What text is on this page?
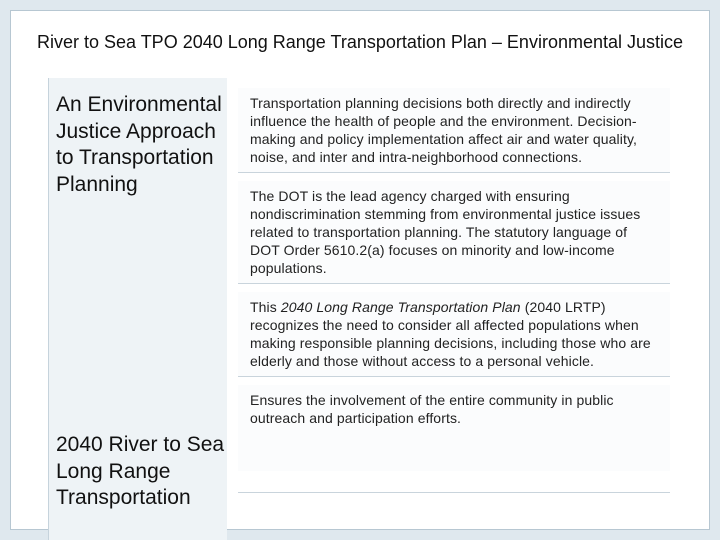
River to Sea TPO 2040 Long Range Transportation Plan – Environmental Justice
An Environmental Justice Approach to Transportation Planning
2040 River to Sea Long Range Transportation
Transportation planning decisions both directly and indirectly influence the health of people and the environment. Decision-making and policy implementation affect air and water quality, noise, and inter and intra-neighborhood connections.
The DOT is the lead agency charged with ensuring nondiscrimination stemming from environmental justice issues related to transportation planning. The statutory language of DOT Order 5610.2(a) focuses on minority and low-income populations.
This 2040 Long Range Transportation Plan (2040 LRTP) recognizes the need to consider all affected populations when making responsible planning decisions, including those who are elderly and those without access to a personal vehicle.
Ensures the involvement of the entire community in public outreach and participation efforts.
